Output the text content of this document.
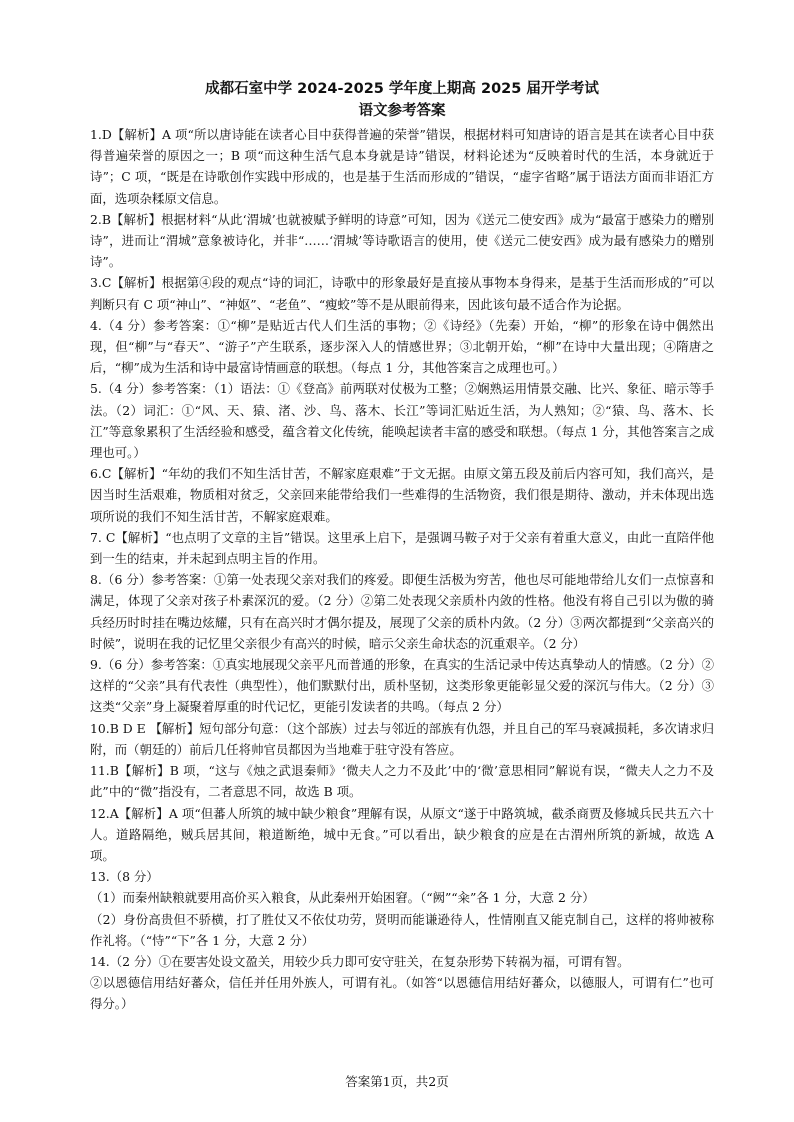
成都石室中学 2024-2025 学年度上期高 2025 届开学考试
语文参考答案

1.D【解析】A 项“所以唐诗能在读者心目中获得普遍的荣誉”错误，根据材料可知唐诗的语言是其在读者心目中获得普遍荣誉的原因之一；B 项“而这种生活气息本身就是诗”错误，材料论述为“反映着时代的生活，本身就近于诗”；C 项，“既是在诗歌创作实践中形成的，也是基于生活而形成的”错误，“虚字省略”属于语法方面而非语汇方面，选项杂糅原文信息。

2.B【解析】根据材料“从此‘渭城’也就被赋予鲜明的诗意”可知，因为《送元二使安西》成为“最富于感染力的赠别诗”，进而让“渭城”意象被诗化，并非“……‘渭城’等诗歌语言的使用，使《送元二使安西》成为最有感染力的赠别诗”。

3.C【解析】根据第④段的观点“诗的词汇，诗歌中的形象最好是直接从事物本身得来，是基于生活而形成的”可以判断只有 C 项“神山”、“神妪”、“老鱼”、“瘦蛟”等不是从眼前得来，因此该句最不适合作为论据。

4.（4 分）参考答案：①“柳”是贴近古代人们生活的事物；②《诗经》（先秦）开始，“柳”的形象在诗中偶然出现，但“柳”与“春天”、“游子”产生联系，逐步深入人的情感世界；③北朝开始，“柳”在诗中大量出现；④隋唐之后，“柳”成为生活和诗中最富诗情画意的联想。（每点 1 分，其他答案言之成理也可。）

5.（4 分）参考答案：（1）语法：①《登高》前两联对仗极为工整；②娴熟运用情景交融、比兴、象征、暗示等手法。（2）词汇：①“风、天、猿、渚、沙、鸟、落木、长江”等词汇贴近生活，为人熟知；②“猿、鸟、落木、长江”等意象累积了生活经验和感受，蕴含着文化传统，能唤起读者丰富的感受和联想。（每点 1 分，其他答案言之成理也可。）

6.C【解析】“年幼的我们不知生活甘苦，不解家庭艰难”于文无据。由原文第五段及前后内容可知，我们高兴，是因当时生活艰难，物质相对贫乏，父亲回来能带给我们一些难得的生活物资，我们很是期待、激动，并未体现出选项所说的我们不知生活甘苦，不解家庭艰难。

7. C【解析】“也点明了文章的主旨”错误。这里承上启下，是强调马鞍子对于父亲有着重大意义，由此一直陪伴他到一生的结束，并未起到点明主旨的作用。

8.（6 分）参考答案：①第一处表现父亲对我们的疼爱。即便生活极为穷苦，他也尽可能地带给儿女们一点惊喜和满足，体现了父亲对孩子朴素深沉的爱。（2 分）②第二处表现父亲质朴内敛的性格。他没有将自己引以为傲的骑兵经历时时挂在嘴边炫耀，只有在高兴时才偶尔提及，展现了父亲的质朴内敛。（2 分）③两次都提到“父亲高兴的时候”，说明在我的记忆里父亲很少有高兴的时候，暗示父亲生命状态的沉重艰辛。（2 分）

9.（6 分）参考答案：①真实地展现父亲平凡而普通的形象，在真实的生活记录中传达真挚动人的情感。（2 分）②这样的“父亲”具有代表性（典型性），他们默默付出，质朴坚韧，这类形象更能彰显父爱的深沉与伟大。（2 分）③这类“父亲”身上凝聚着厚重的时代记忆，更能引发读者的共鸣。（每点 2 分）

10.B D E 【解析】短句部分句意：（这个部族）过去与邻近的部族有仇怨，并且自己的军马衰减损耗，多次请求归附，而（朝廷的）前后几任将帅官员都因为当地难于驻守没有答应。

11.B【解析】B 项，“这与《烛之武退秦师》‘微夫人之力不及此’中的‘微’意思相同”解说有误，“微夫人之力不及此”中的“微”指没有，二者意思不同，故选 B 项。

12.A【解析】A 项“但蕃人所筑的城中缺少粮食”理解有误，从原文“遂于中路筑城，截杀商贾及修城兵民共五六十人。道路隔绝，贼兵居其间，粮道断绝，城中无食。”可以看出，缺少粮食的应是在古渭州所筑的新城，故选 A 项。

13.（8 分）

（1）而秦州缺粮就要用高价买入粮食，从此秦州开始困窘。（“阙”“籴”各 1 分，大意 2 分）

（2）身份高贵但不骄横，打了胜仗又不依仗功劳，贤明而能谦逊待人，性情刚直又能克制自己，这样的将帅被称作礼将。（“恃”“下”各 1 分，大意 2 分）

14.（2 分）①在要害处设文盈关，用较少兵力即可安守驻关，在复杂形势下转祸为福，可谓有智。

②以恩德信用结好蕃众，信任并任用外族人，可谓有礼。（如答“以恩德信用结好蕃众，以德服人，可谓有仁”也可得分。）

答案第1页，共2页
